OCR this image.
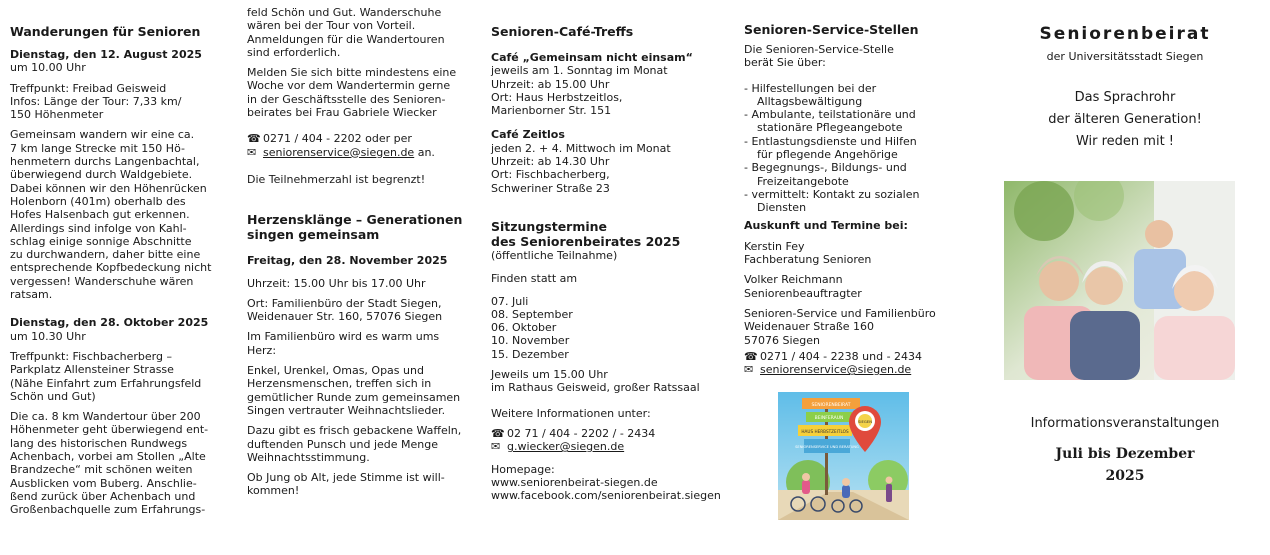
Wanderungen für Senioren
Dienstag, den 12. August 2025
um 10.00 Uhr

Treffpunkt: Freibad Geisweid
Infos: Länge der Tour: 7,33 km/
150 Höhenmeter
Gemeinsam wandern wir eine ca.
7 km lange Strecke mit 150 Hö-
henmetern durchs Langenbachtal,
überwiegend durch Waldgebiete.
Dabei können wir den Höhenrücken
Holenborn (401m) oberhalb des
Hofes Halsenbach gut erkennen.
Allerdings sind infolge von Kahl-
schlag einige sonnige Abschnitte
zu durchwandern, daher bitte eine
entsprechende Kopfbedeckung nicht
vergessen! Wanderschuhe wären
ratsam.
Dienstag, den 28. Oktober 2025
um 10.30 Uhr

Treffpunkt: Fischbacherberg –
Parkplatz Allensteiner Strasse
(Nähe Einfahrt zum Erfahrungsfeld
Schön und Gut)
Die ca. 8 km Wandertour über 200
Höhenmeter geht überwiegend ent-
lang des historischen Rundwegs
Achenbach, vorbei am Stollen „Alte
Brandzeche“ mit schönen weiten
Ausblicken vom Buberg. Anschlie-
ßend zurück über Achenbach und
Großenbachquelle zum Erfahrungs-
feld Schön und Gut. Wanderschuhe
wären bei der Tour von Vorteil.
Anmeldungen für die Wandertouren
sind erforderlich.
Melden Sie sich bitte mindestens eine
Woche vor dem Wandertermin gerne
in der Geschäftsstelle des Senioren-
beirates bei Frau Gabriele Wiecker
☎ 0271 / 404 - 2202 oder per
✉ seniorenservice@siegen.de an.
Die Teilnehmerzahl ist begrenzt!
Herzensklänge – Generationen
singen gemeinsam
Freitag, den 28. November 2025
Uhrzeit: 15.00 Uhr bis 17.00 Uhr
Ort: Familienbüro der Stadt Siegen,
Weidenauer Str. 160, 57076 Siegen
Im Familienbüro wird es warm ums
Herz:
Enkel, Urenkel, Omas, Opas und
Herzensmenschen, treffen sich in
gemütlicher Runde zum gemeinsamen
Singen vertrauter Weihnachtslieder.
Dazu gibt es frisch gebackene Waffeln,
duftenden Punsch und jede Menge
Weihnachtsstimmung.
Ob Jung ob Alt, jede Stimme ist will-
kommen!
Senioren-Café-Treffs
Café „Gemeinsam nicht einsam“
jeweils am 1. Sonntag im Monat
Uhrzeit: ab 15.00 Uhr
Ort: Haus Herbstzeitlos,
Marienborner Str. 151
Café Zeitlos
jeden 2. + 4. Mittwoch im Monat
Uhrzeit: ab 14.30 Uhr
Ort: Fischbacherberg,
Schweriner Straße 23
Sitzungstermine
des Seniorenbeirates 2025
(öffentliche Teilnahme)
Finden statt am
07. Juli
08. September
06. Oktober
10. November
15. Dezember
Jeweils um 15.00 Uhr
im Rathaus Geisweid, großer Ratssaal
Weitere Informationen unter:
☎ 02 71 / 404 - 2202 / - 2434
✉ g.wiecker@siegen.de
Homepage:
www.seniorenbeirat-siegen.de
www.facebook.com/seniorenbeirat.siegen
Senioren-Service-Stellen
Die Senioren-Service-Stelle
berät Sie über:
- Hilfestellungen bei der
Alltagsbewältigung
- Ambulante, teilstationäre und
stationäre Pflegeangebote
- Entlastungsdienste und Hilfen
für pflegende Angehörige
- Begegnungs-, Bildungs- und
Freizeitangebote
- vermittelt: Kontakt zu sozialen
Diensten
Auskunft und Termine bei:
Kerstin Fey
Fachberatung Senioren
Volker Reichmann
Seniorenbeauftragter
Senioren-Service und Familienbüro
Weidenauer Straße 160
57076 Siegen
☎ 0271 / 404 - 2238 und - 2434
✉ seniorenservice@siegen.de
SENIORENBEIRAT
BEINFERAUN
HAUS HERBSTZEITLOS
SENIORENSERVICE UND BERATUNG
SIEGEN
Seniorenbeirat
der Universitätsstadt Siegen
Das Sprachrohr
der älteren Generation!
Wir reden mit !
Informationsveranstaltungen
Juli bis Dezember
2025
